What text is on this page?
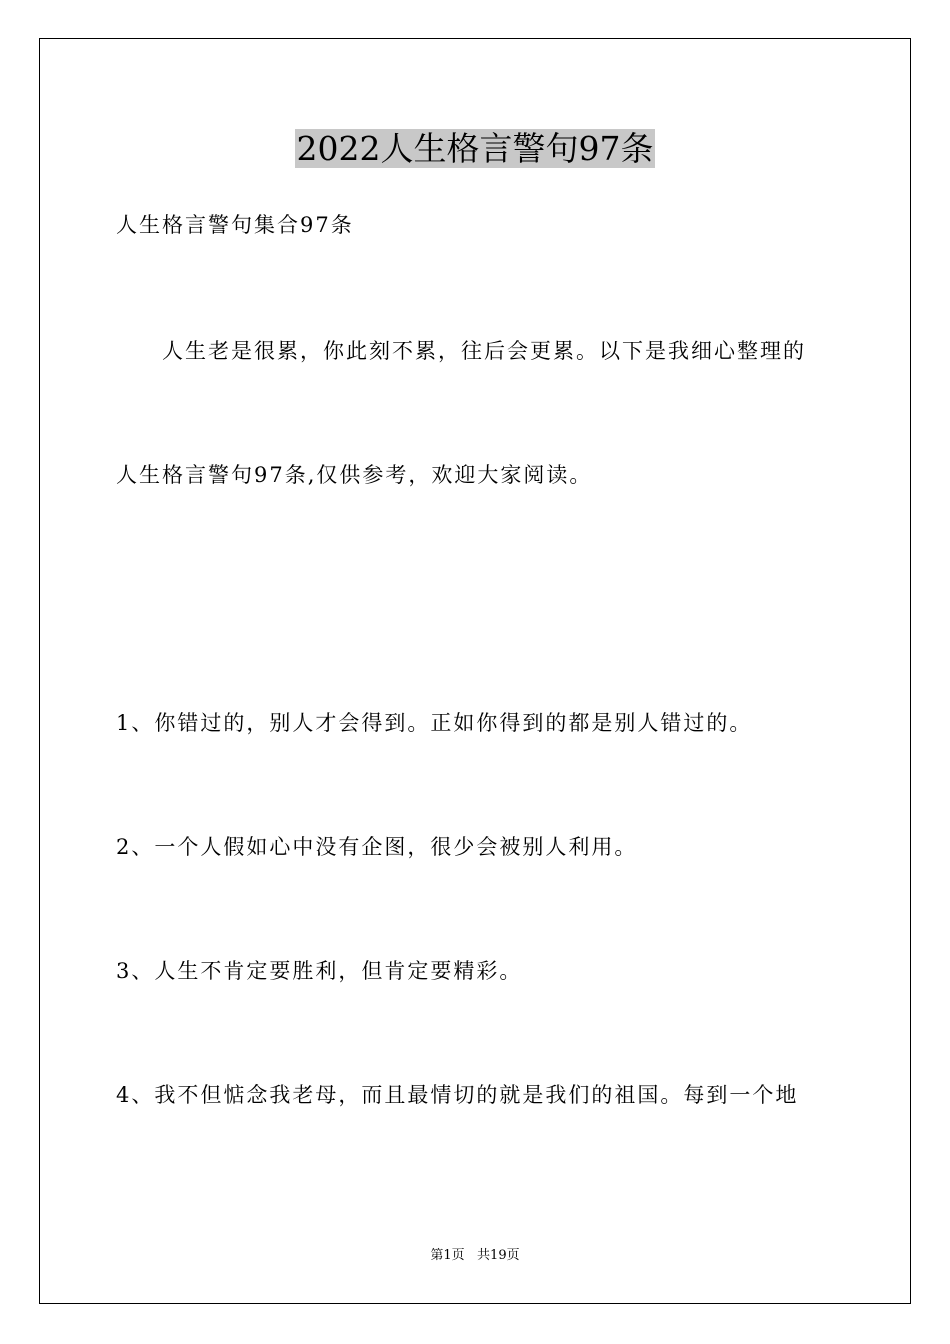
2022人生格言警句97条
人生格言警句集合97条
人生老是很累，你此刻不累，往后会更累。以下是我细心整理的
人生格言警句97条,仅供参考，欢迎大家阅读。
1、你错过的，别人才会得到。正如你得到的都是别人错过的。
2、一个人假如心中没有企图，很少会被别人利用。
3、人生不肯定要胜利，但肯定要精彩。
4、我不但惦念我老母，而且最情切的就是我们的祖国。每到一个地
第1页   共19页
